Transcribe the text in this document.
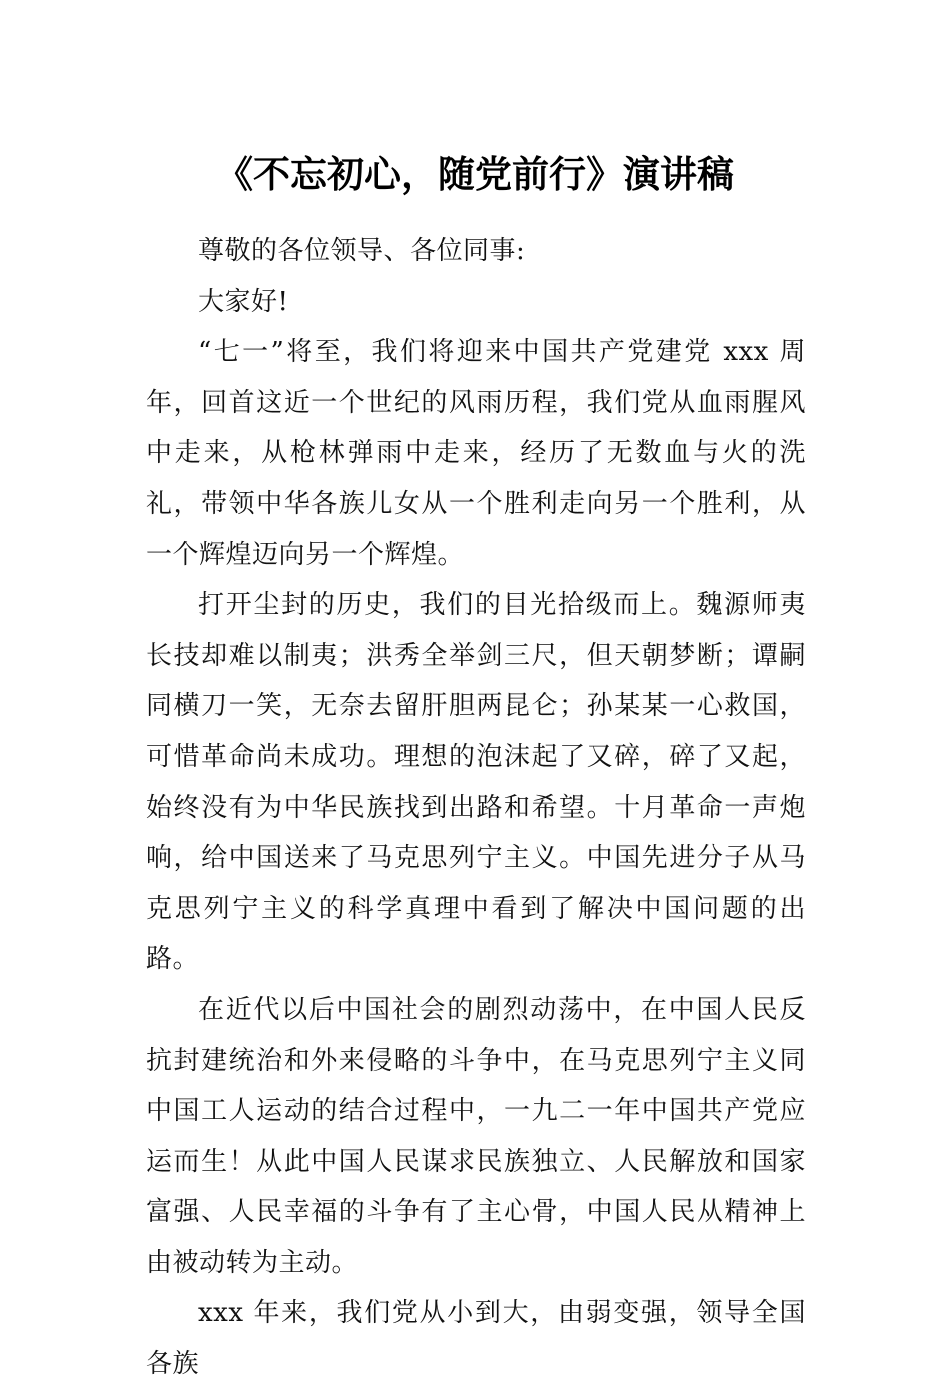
《不忘初心，随党前行》演讲稿

尊敬的各位领导、各位同事:

大家好!

“七一”将至，我们将迎来中国共产党建党 xxx 周年，回首这近一个世纪的风雨历程，我们党从血雨腥风中走来，从枪林弹雨中走来，经历了无数血与火的洗礼，带领中华各族儿女从一个胜利走向另一个胜利，从一个辉煌迈向另一个辉煌。

打开尘封的历史，我们的目光拾级而上。魏源师夷长技却难以制夷；洪秀全举剑三尺，但天朝梦断；谭嗣同横刀一笑，无奈去留肝胆两昆仑；孙某某一心救国，可惜革命尚未成功。理想的泡沫起了又碎，碎了又起，始终没有为中华民族找到出路和希望。十月革命一声炮响，给中国送来了马克思列宁主义。中国先进分子从马克思列宁主义的科学真理中看到了解决中国问题的出路。

在近代以后中国社会的剧烈动荡中，在中国人民反抗封建统治和外来侵略的斗争中，在马克思列宁主义同中国工人运动的结合过程中，一九二一年中国共产党应运而生！从此中国人民谋求民族独立、人民解放和国家富强、人民幸福的斗争有了主心骨，中国人民从精神上由被动转为主动。

xxx 年来，我们党从小到大，由弱变强，领导全国各族
